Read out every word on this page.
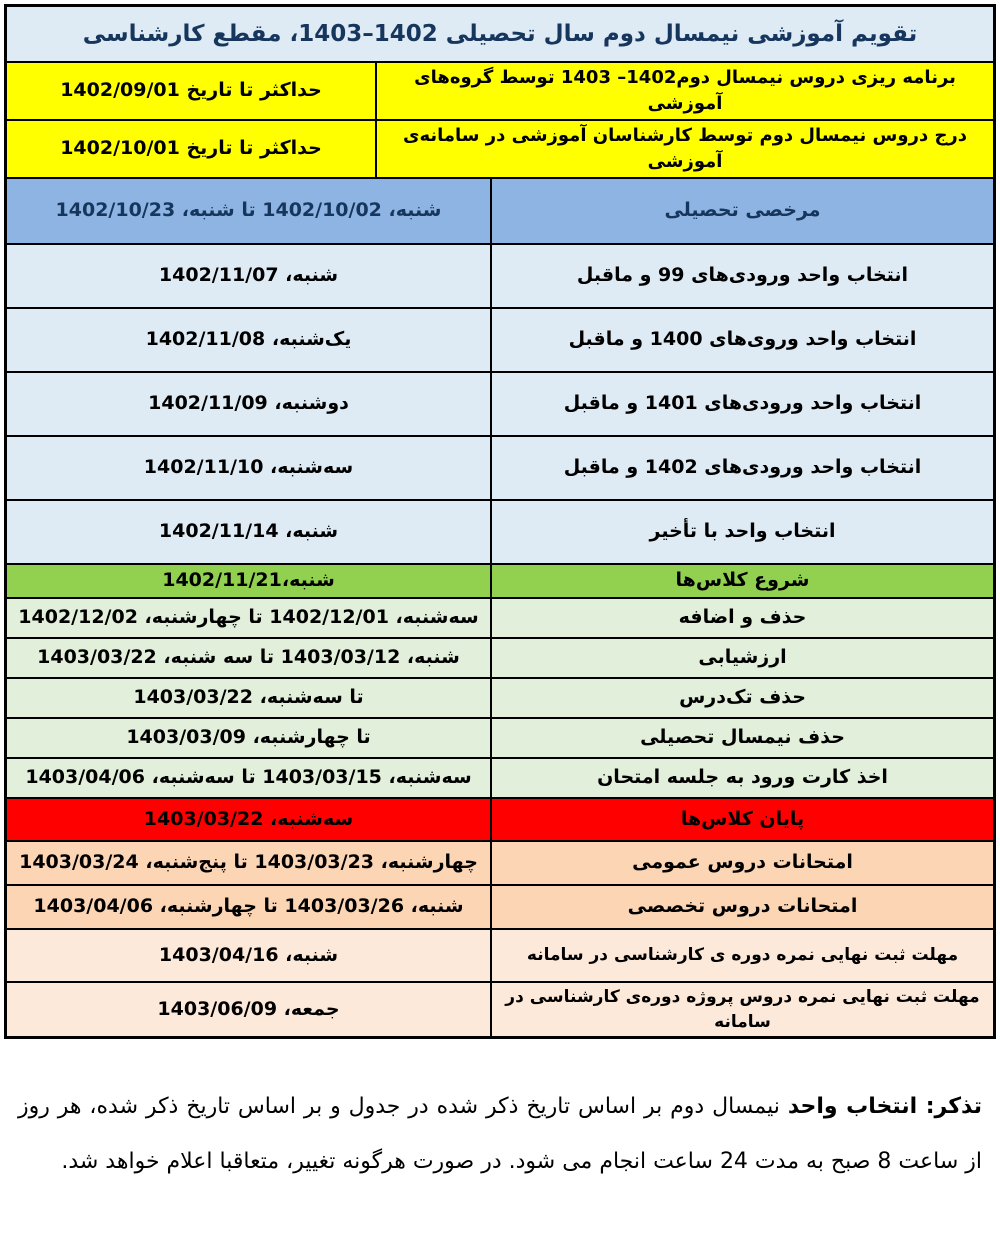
تقویم آموزشی نیمسال دوم سال تحصیلی 1402–1403، مقطع کارشناسی
برنامه ریزی دروس نیمسال دوم1402– 1403 توسط گروه‌های آموزشی
حداکثر تا تاریخ 1402/09/01
درج دروس نیمسال دوم توسط کارشناسان آموزشی در سامانه‌ی آموزشی
حداکثر تا تاریخ 1402/10/01
مرخصی تحصیلی
شنبه، 1402/10/02 تا شنبه، 1402/10/23
انتخاب واحد ورودی‌های 99 و ماقبل
شنبه، 1402/11/07
انتخاب واحد وروی‌های 1400 و ماقبل
یک‌شنبه، 1402/11/08
انتخاب واحد ورودی‌های 1401 و ماقبل
دوشنبه، 1402/11/09
انتخاب واحد ورودی‌های 1402 و ماقبل
سه‌شنبه، 1402/11/10
انتخاب واحد با تأخیر
شنبه، 1402/11/14
شروع کلاس‌ها
شنبه،1402/11/21
حذف و اضافه
سه‌شنبه، 1402/12/01 تا چهارشنبه، 1402/12/02
ارزشیابی
شنبه، 1403/03/12 تا سه شنبه، 1403/03/22
حذف تک‌درس
تا سه‌شنبه، 1403/03/22
حذف نیمسال تحصیلی
تا چهارشنبه، 1403/03/09
اخذ کارت ورود به جلسه امتحان
سه‌شنبه، 1403/03/15 تا سه‌شنبه، 1403/04/06
پایان کلاس‌ها
سه‌شنبه، 1403/03/22
امتحانات دروس عمومی
چهارشنبه، 1403/03/23 تا پنج‌شنبه، 1403/03/24
امتحانات دروس تخصصی
شنبه، 1403/03/26 تا چهارشنبه، 1403/04/06
مهلت ثبت نهایی نمره دوره ی کارشناسی در سامانه
شنبه، 1403/04/16
مهلت ثبت نهایی نمره دروس پروژه دوره‌ی کارشناسی در سامانه
جمعه، 1403/06/09
تذکر: انتخاب واحد نیمسال دوم بر اساس تاریخ ذکر شده در جدول و بر اساس تاریخ ذکر شده، هر روز از ساعت 8 صبح به مدت 24 ساعت انجام می شود. در صورت هرگونه تغییر، متعاقبا اعلام خواهد شد.
